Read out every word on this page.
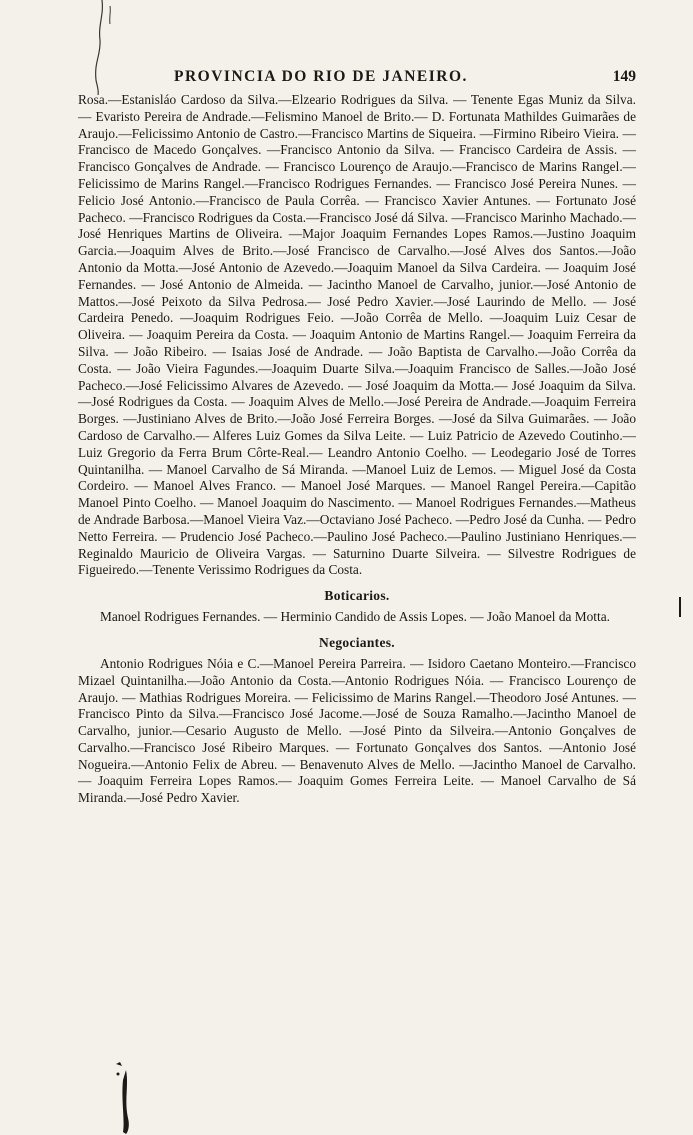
PROVINCIA DO RIO DE JANEIRO.	149

Rosa.—Estanisláo Cardoso da Silva.—Elzeario Rodrigues da Silva. — Tenente Egas Muniz da Silva. — Evaristo Pereira de Andrade.—Felismino Manoel de Brito.— D. Fortunata Mathildes Guimarães de Araujo.—Felicissimo Antonio de Castro.—Francisco Martins de Siqueira. —Firmino Ribeiro Vieira. — Francisco de Macedo Gonçalves. —Francisco Antonio da Silva. — Francisco Cardeira de Assis. — Francisco Gonçalves de Andrade. — Francisco Lourenço de Araujo.—Francisco de Marins Rangel.—Felicissimo de Marins Rangel.—Francisco Rodrigues Fernandes. — Francisco José Pereira Nunes. — Felicio José Antonio.—Francisco de Paula Corrêa. — Francisco Xavier Antunes. — Fortunato José Pacheco. —Francisco Rodrigues da Costa.—Francisco José dá Silva. —Francisco Marinho Machado.—José Henriques Martins de Oliveira. —Major Joaquim Fernandes Lopes Ramos.—Justino Joaquim Garcia.—Joaquim Alves de Brito.—José Francisco de Carvalho.—José Alves dos Santos.—João Antonio da Motta.—José Antonio de Azevedo.—Joaquim Manoel da Silva Cardeira. — Joaquim José Fernandes. — José Antonio de Almeida. — Jacintho Manoel de Carvalho, junior.—José Antonio de Mattos.—José Peixoto da Silva Pedrosa.— José Pedro Xavier.—José Laurindo de Mello. — José Cardeira Penedo. —Joaquim Rodrigues Feio. —João Corrêa de Mello. —Joaquim Luiz Cesar de Oliveira. — Joaquim Pereira da Costa. — Joaquim Antonio de Martins Rangel.— Joaquim Ferreira da Silva. — João Ribeiro. — Isaias José de Andrade. — João Baptista de Carvalho.—João Corrêa da Costa. — João Vieira Fagundes.—Joaquim Duarte Silva.—Joaquim Francisco de Salles.—João José Pacheco.—José Felicissimo Alvares de Azevedo. — José Joaquim da Motta.— José Joaquim da Silva.—José Rodrigues da Costa. — Joaquim Alves de Mello.—José Pereira de Andrade.—Joaquim Ferreira Borges. —Justiniano Alves de Brito.—João José Ferreira Borges. —José da Silva Guimarães. — João Cardoso de Carvalho.— Alferes Luiz Gomes da Silva Leite. — Luiz Patricio de Azevedo Coutinho.— Luiz Gregorio da Ferra Brum Côrte-Real.— Leandro Antonio Coelho. — Leodegario José de Torres Quintanilha. — Manoel Carvalho de Sá Miranda. —Manoel Luiz de Lemos. — Miguel José da Costa Cordeiro. — Manoel Alves Franco. — Manoel José Marques. — Manoel Rangel Pereira.—Capitão Manoel Pinto Coelho. — Manoel Joaquim do Nascimento. — Manoel Rodrigues Fernandes.—Matheus de Andrade Barbosa.—Manoel Vieira Vaz.—Octaviano José Pacheco. —Pedro José da Cunha. — Pedro Netto Ferreira. — Prudencio José Pacheco.—Paulino José Pacheco.—Paulino Justiniano Henriques.—Reginaldo Mauricio de Oliveira Vargas. — Saturnino Duarte Silveira. — Silvestre Rodrigues de Figueiredo.—Tenente Verissimo Rodrigues da Costa.

Boticarios.

Manoel Rodrigues Fernandes. — Herminio Candido de Assis Lopes. — João Manoel da Motta.

Negociantes.

Antonio Rodrigues Nóia e C.—Manoel Pereira Parreira. — Isidoro Caetano Monteiro.—Francisco Mizael Quintanilha.—João Antonio da Costa.—Antonio Rodrigues Nóia. — Francisco Lourenço de Araujo. — Mathias Rodrigues Moreira. — Felicissimo de Marins Rangel.—Theodoro José Antunes. —Francisco Pinto da Silva.—Francisco José Jacome.—José de Souza Ramalho.—Jacintho Manoel de Carvalho, junior.—Cesario Augusto de Mello. —José Pinto da Silveira.—Antonio Gonçalves de Carvalho.—Francisco José Ribeiro Marques. — Fortunato Gonçalves dos Santos. —Antonio José Nogueira.—Antonio Felix de Abreu. — Benavenuto Alves de Mello. —Jacintho Manoel de Carvalho. — Joaquim Ferreira Lopes Ramos.— Joaquim Gomes Ferreira Leite. — Manoel Carvalho de Sá Miranda.—José Pedro Xavier.
